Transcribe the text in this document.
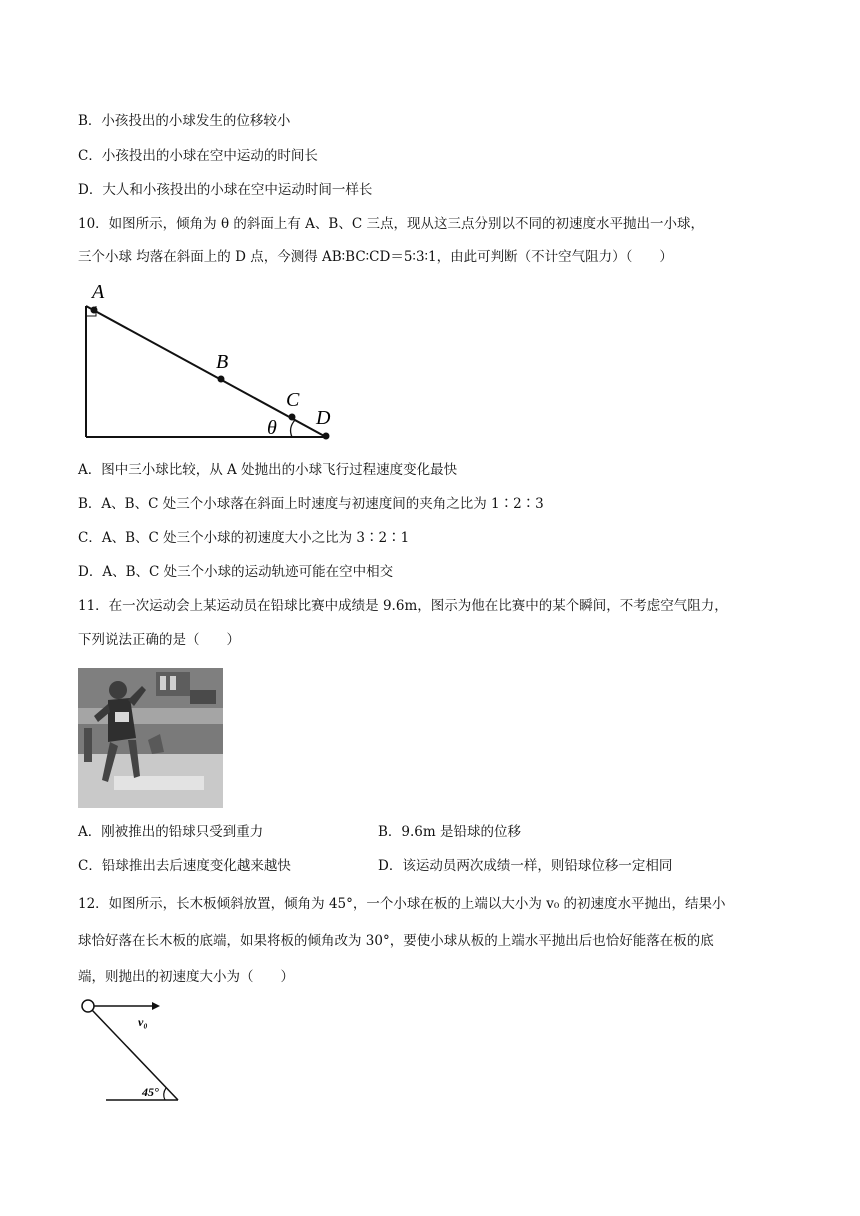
B．小孩投出的小球发生的位移较小
C．小孩投出的小球在空中运动的时间长
D．大人和小孩投出的小球在空中运动时间一样长
10．如图所示，倾角为 θ 的斜面上有 A、B、C 三点，现从这三点分别以不同的初速度水平抛出一小球，
三个小球 均落在斜面上的 D 点，今测得 AB∶BC∶CD＝5∶3∶1，由此可判断（不计空气阻力）（　　）
A
B
C
D
θ
A．图中三小球比较，从 A 处抛出的小球飞行过程速度变化最快
B．A、B、C 处三个小球落在斜面上时速度与初速度间的夹角之比为 1∶2∶3
C．A、B、C 处三个小球的初速度大小之比为 3∶2∶1
D．A、B、C 处三个小球的运动轨迹可能在空中相交
11．在一次运动会上某运动员在铅球比赛中成绩是 9.6m，图示为他在比赛中的某个瞬间，不考虑空气阻力，
下列说法正确的是（　　）
A．刚被推出的铅球只受到重力	B．9.6m 是铅球的位移
C．铅球推出去后速度变化越来越快	D．该运动员两次成绩一样，则铅球位移一定相同
12．如图所示，长木板倾斜放置，倾角为 45°，一个小球在板的上端以大小为 v₀ 的初速度水平抛出，结果小
球恰好落在长木板的底端，如果将板的倾角改为 30°，要使小球从板的上端水平抛出后也恰好能落在板的底
端，则抛出的初速度大小为（　　）
v₀
45°
